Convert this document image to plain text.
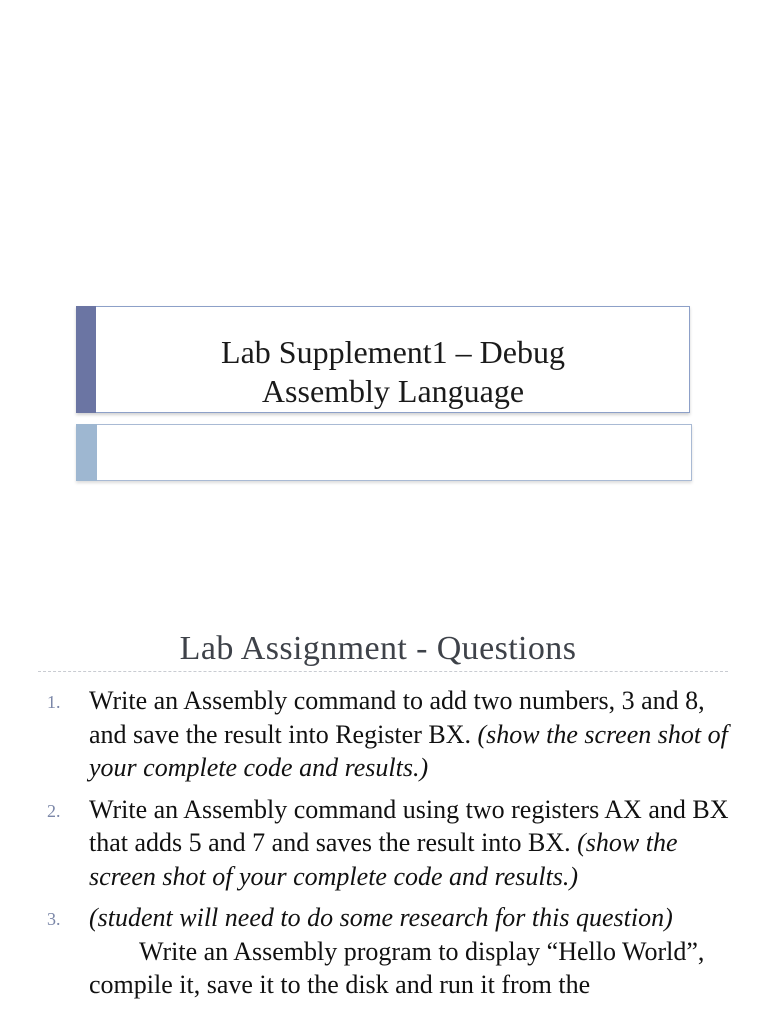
Lab Supplement1 – Debug
Assembly Language
Lab Assignment - Questions
1. Write an Assembly command to add two numbers, 3 and 8, and save the result into Register BX. (show the screen shot of your complete code and results.)
2. Write an Assembly command using two registers AX and BX that adds 5 and 7 and saves the result into BX. (show the screen shot of your complete code and results.)
3. (student will need to do some research for this question)
Write an Assembly program to display “Hello World”, compile it, save it to the disk and run it from the
